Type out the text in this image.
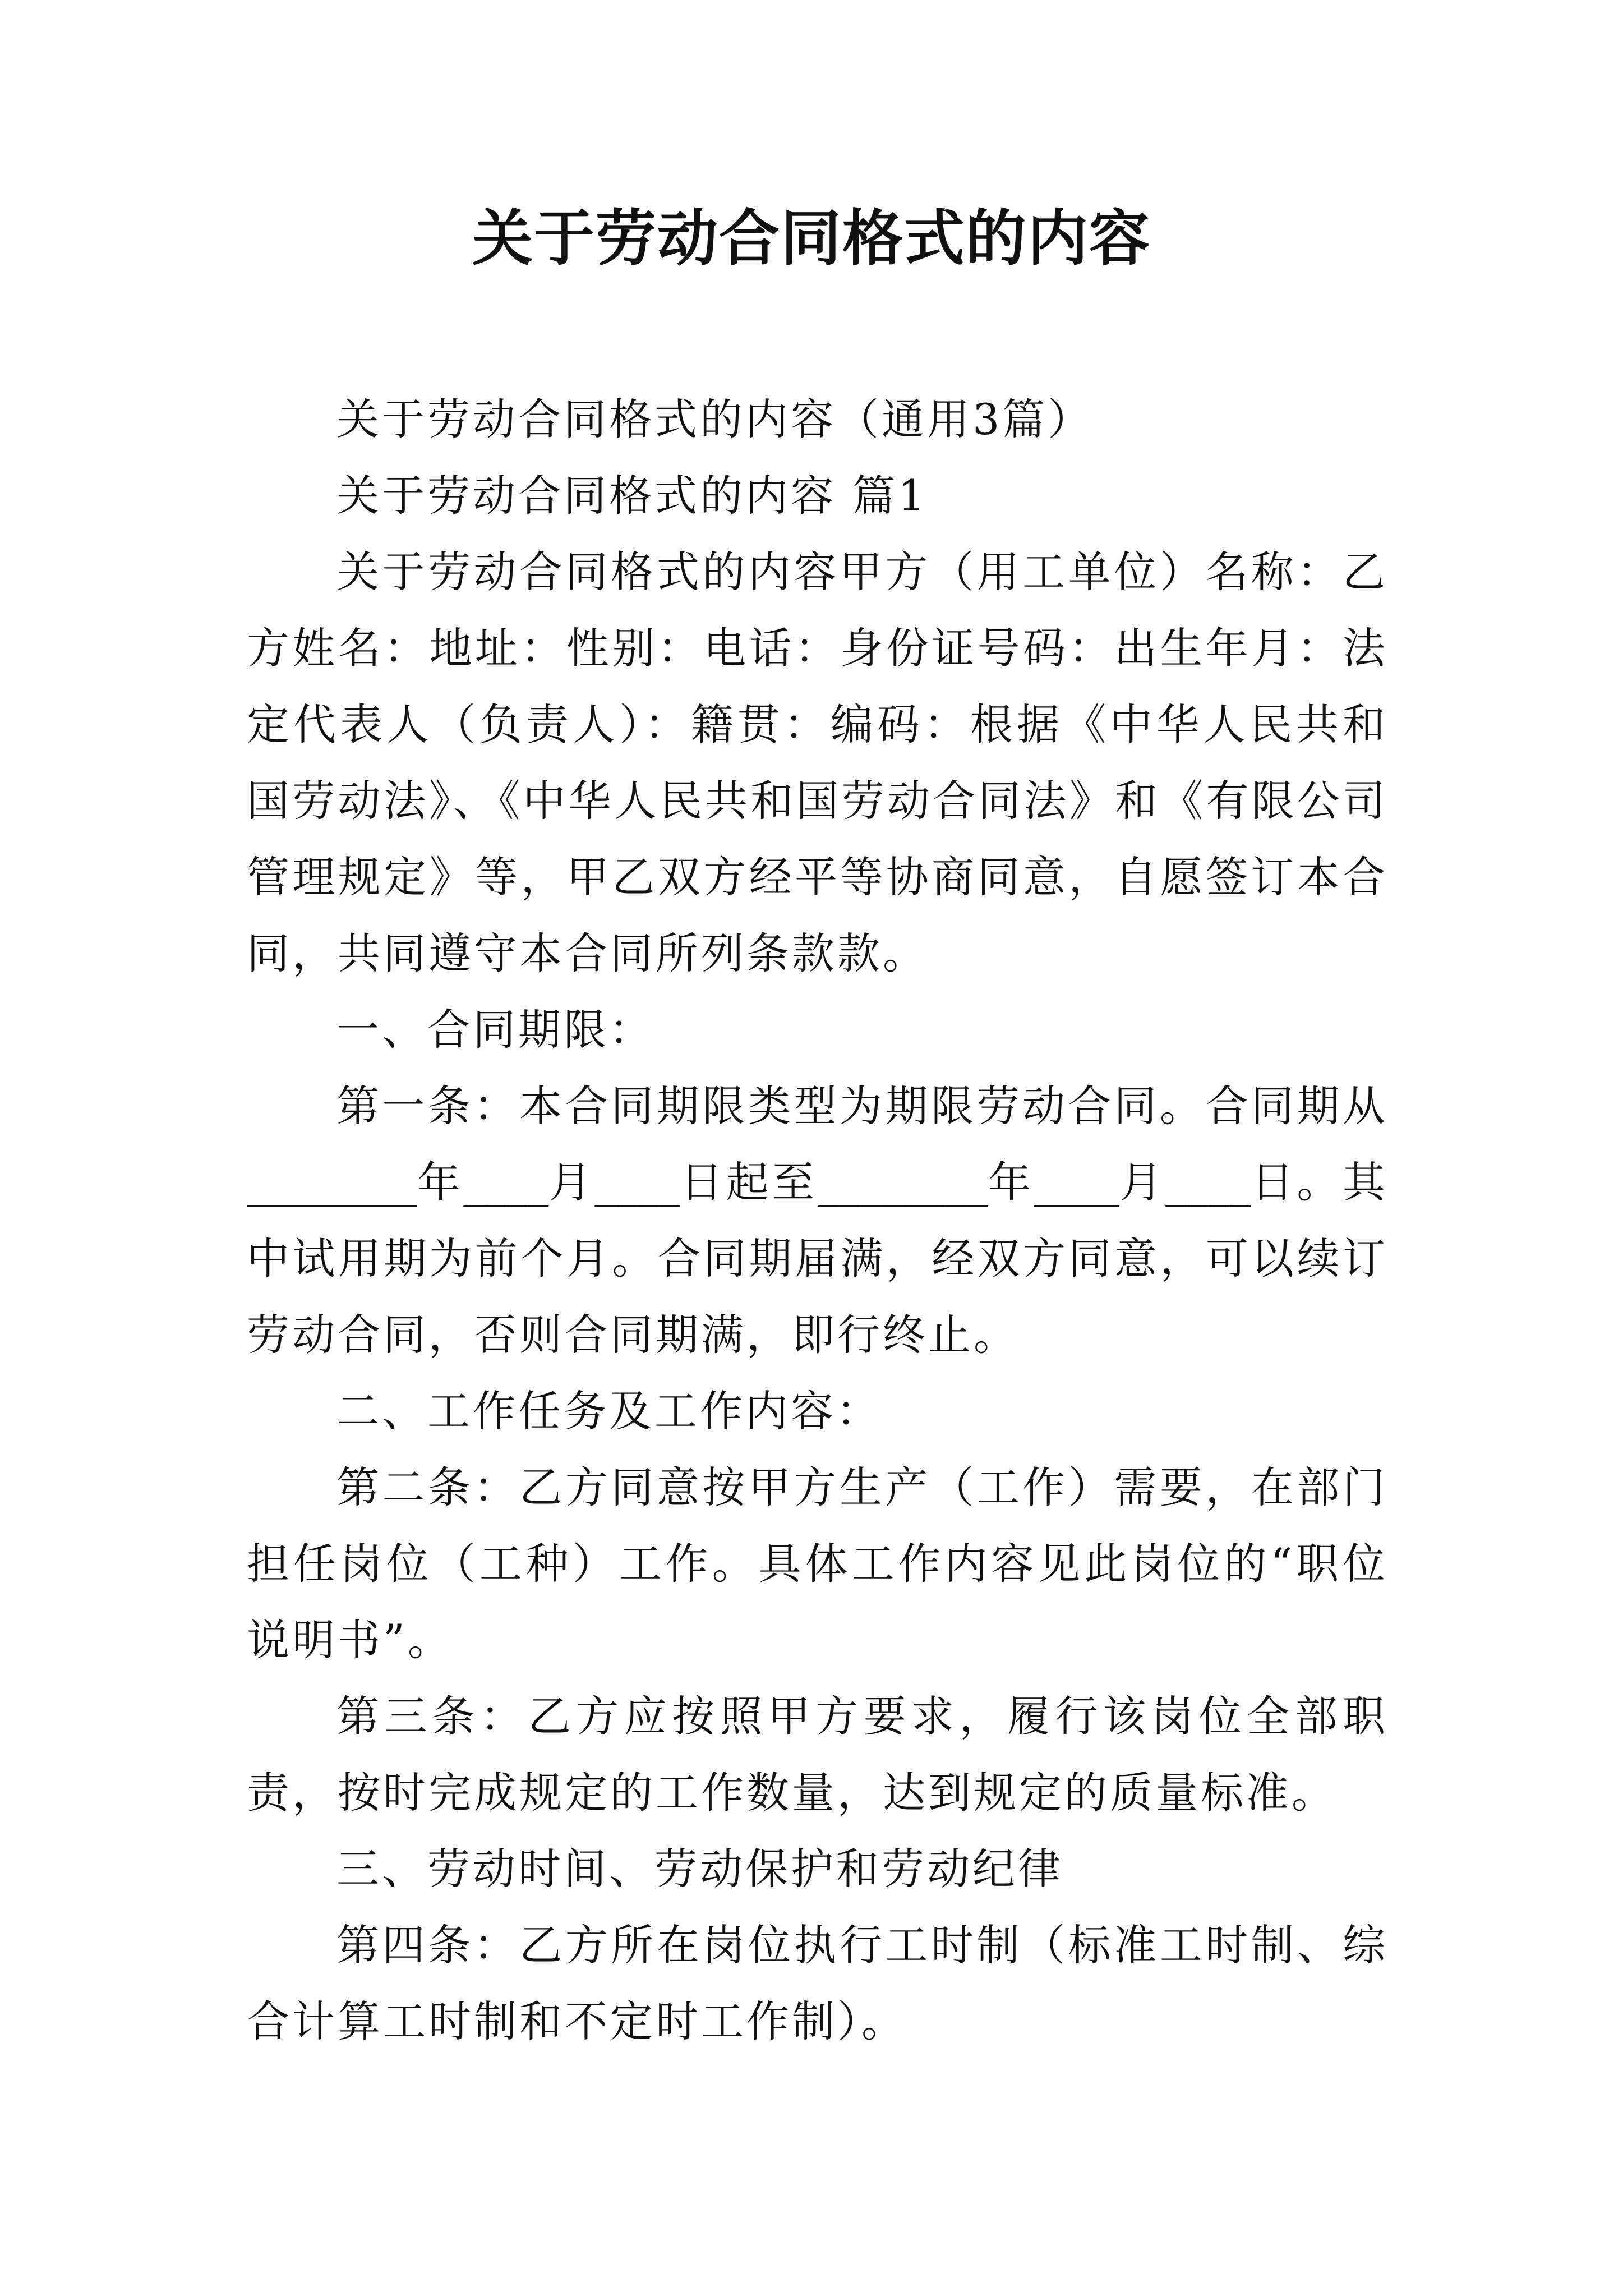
关于劳动合同格式的内容

关于劳动合同格式的内容（通用3篇）

关于劳动合同格式的内容 篇1

关于劳动合同格式的内容甲方（用工单位）名称：乙方姓名：地址：性别：电话：身份证号码：出生年月：法定代表人（负责人）：籍贯：编码：根据《中华人民共和国劳动法》、《中华人民共和国劳动合同法》和《有限公司管理规定》等，甲乙双方经平等协商同意，自愿签订本合同，共同遵守本合同所列条款款。

一、合同期限：

第一条：本合同期限类型为期限劳动合同。合同期从________年____月____日起至________年____月____日。其中试用期为前个月。合同期届满，经双方同意，可以续订劳动合同，否则合同期满，即行终止。

二、工作任务及工作内容：

第二条：乙方同意按甲方生产（工作）需要，在部门担任岗位（工种）工作。具体工作内容见此岗位的“职位说明书”。

第三条：乙方应按照甲方要求，履行该岗位全部职责，按时完成规定的工作数量，达到规定的质量标准。

三、劳动时间、劳动保护和劳动纪律

第四条：乙方所在岗位执行工时制（标准工时制、综合计算工时制和不定时工作制）。
